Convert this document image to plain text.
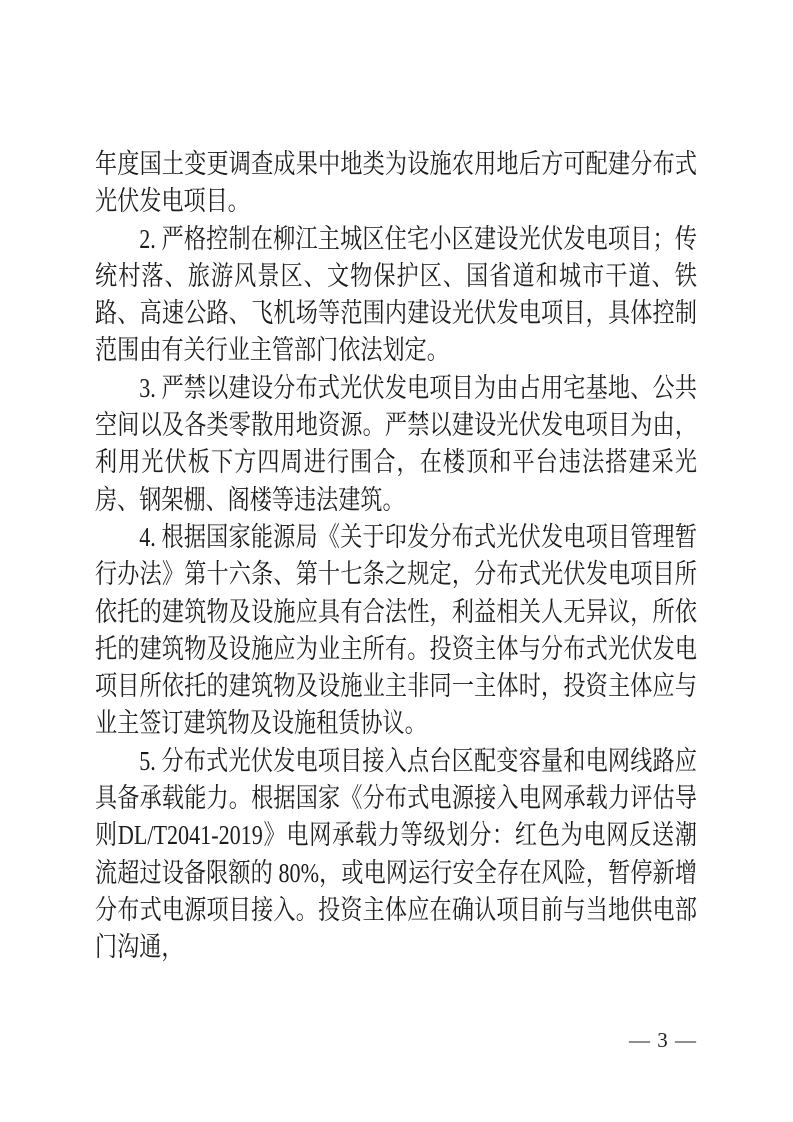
年度国土变更调查成果中地类为设施农用地后方可配建分布式光伏发电项目。

2. 严格控制在柳江主城区住宅小区建设光伏发电项目；传统村落、旅游风景区、文物保护区、国省道和城市干道、铁路、高速公路、飞机场等范围内建设光伏发电项目，具体控制范围由有关行业主管部门依法划定。

3. 严禁以建设分布式光伏发电项目为由占用宅基地、公共空间以及各类零散用地资源。严禁以建设光伏发电项目为由，利用光伏板下方四周进行围合，在楼顶和平台违法搭建采光房、钢架棚、阁楼等违法建筑。

4. 根据国家能源局《关于印发分布式光伏发电项目管理暂行办法》第十六条、第十七条之规定，分布式光伏发电项目所依托的建筑物及设施应具有合法性，利益相关人无异议，所依托的建筑物及设施应为业主所有。投资主体与分布式光伏发电项目所依托的建筑物及设施业主非同一主体时，投资主体应与业主签订建筑物及设施租赁协议。

5. 分布式光伏发电项目接入点台区配变容量和电网线路应具备承载能力。根据国家《分布式电源接入电网承载力评估导则DL/T2041-2019》电网承载力等级划分：红色为电网反送潮流超过设备限额的 80%，或电网运行安全存在风险，暂停新增分布式电源项目接入。投资主体应在确认项目前与当地供电部门沟通，

— 3 —
